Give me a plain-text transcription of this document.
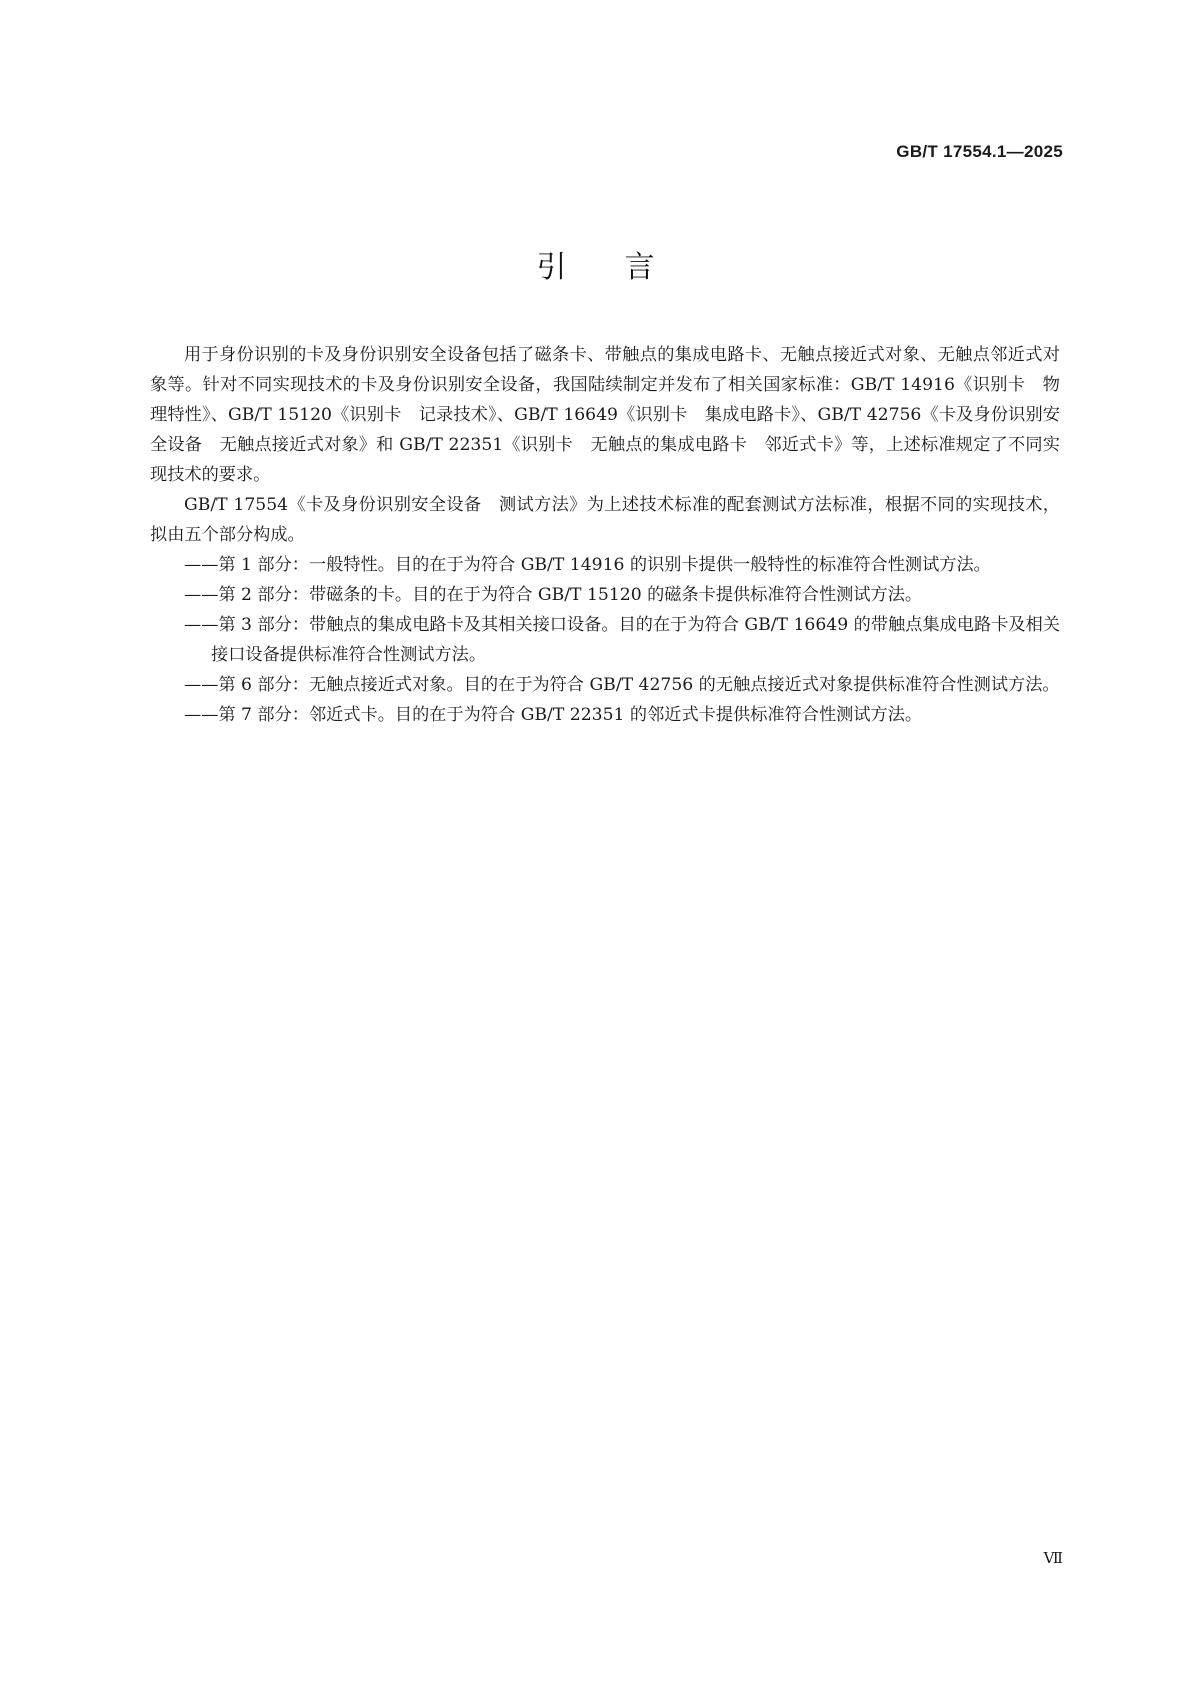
GB/T 17554.1—2025
引言

用于身份识别的卡及身份识别安全设备包括了磁条卡、带触点的集成电路卡、无触点接近式对象、无触点邻近式对象等。针对不同实现技术的卡及身份识别安全设备，我国陆续制定并发布了相关国家标准：GB/T 14916《识别卡　物理特性》、GB/T 15120《识别卡　记录技术》、GB/T 16649《识别卡　集成电路卡》、GB/T 42756《卡及身份识别安全设备　无触点接近式对象》和 GB/T 22351《识别卡　无触点的集成电路卡　邻近式卡》等，上述标准规定了不同实现技术的要求。

GB/T 17554《卡及身份识别安全设备　测试方法》为上述技术标准的配套测试方法标准，根据不同的实现技术，拟由五个部分构成。

——第 1 部分：一般特性。目的在于为符合 GB/T 14916 的识别卡提供一般特性的标准符合性测试方法。
——第 2 部分：带磁条的卡。目的在于为符合 GB/T 15120 的磁条卡提供标准符合性测试方法。
——第 3 部分：带触点的集成电路卡及其相关接口设备。目的在于为符合 GB/T 16649 的带触点集成电路卡及相关接口设备提供标准符合性测试方法。
——第 6 部分：无触点接近式对象。目的在于为符合 GB/T 42756 的无触点接近式对象提供标准符合性测试方法。
——第 7 部分：邻近式卡。目的在于为符合 GB/T 22351 的邻近式卡提供标准符合性测试方法。
Ⅶ
